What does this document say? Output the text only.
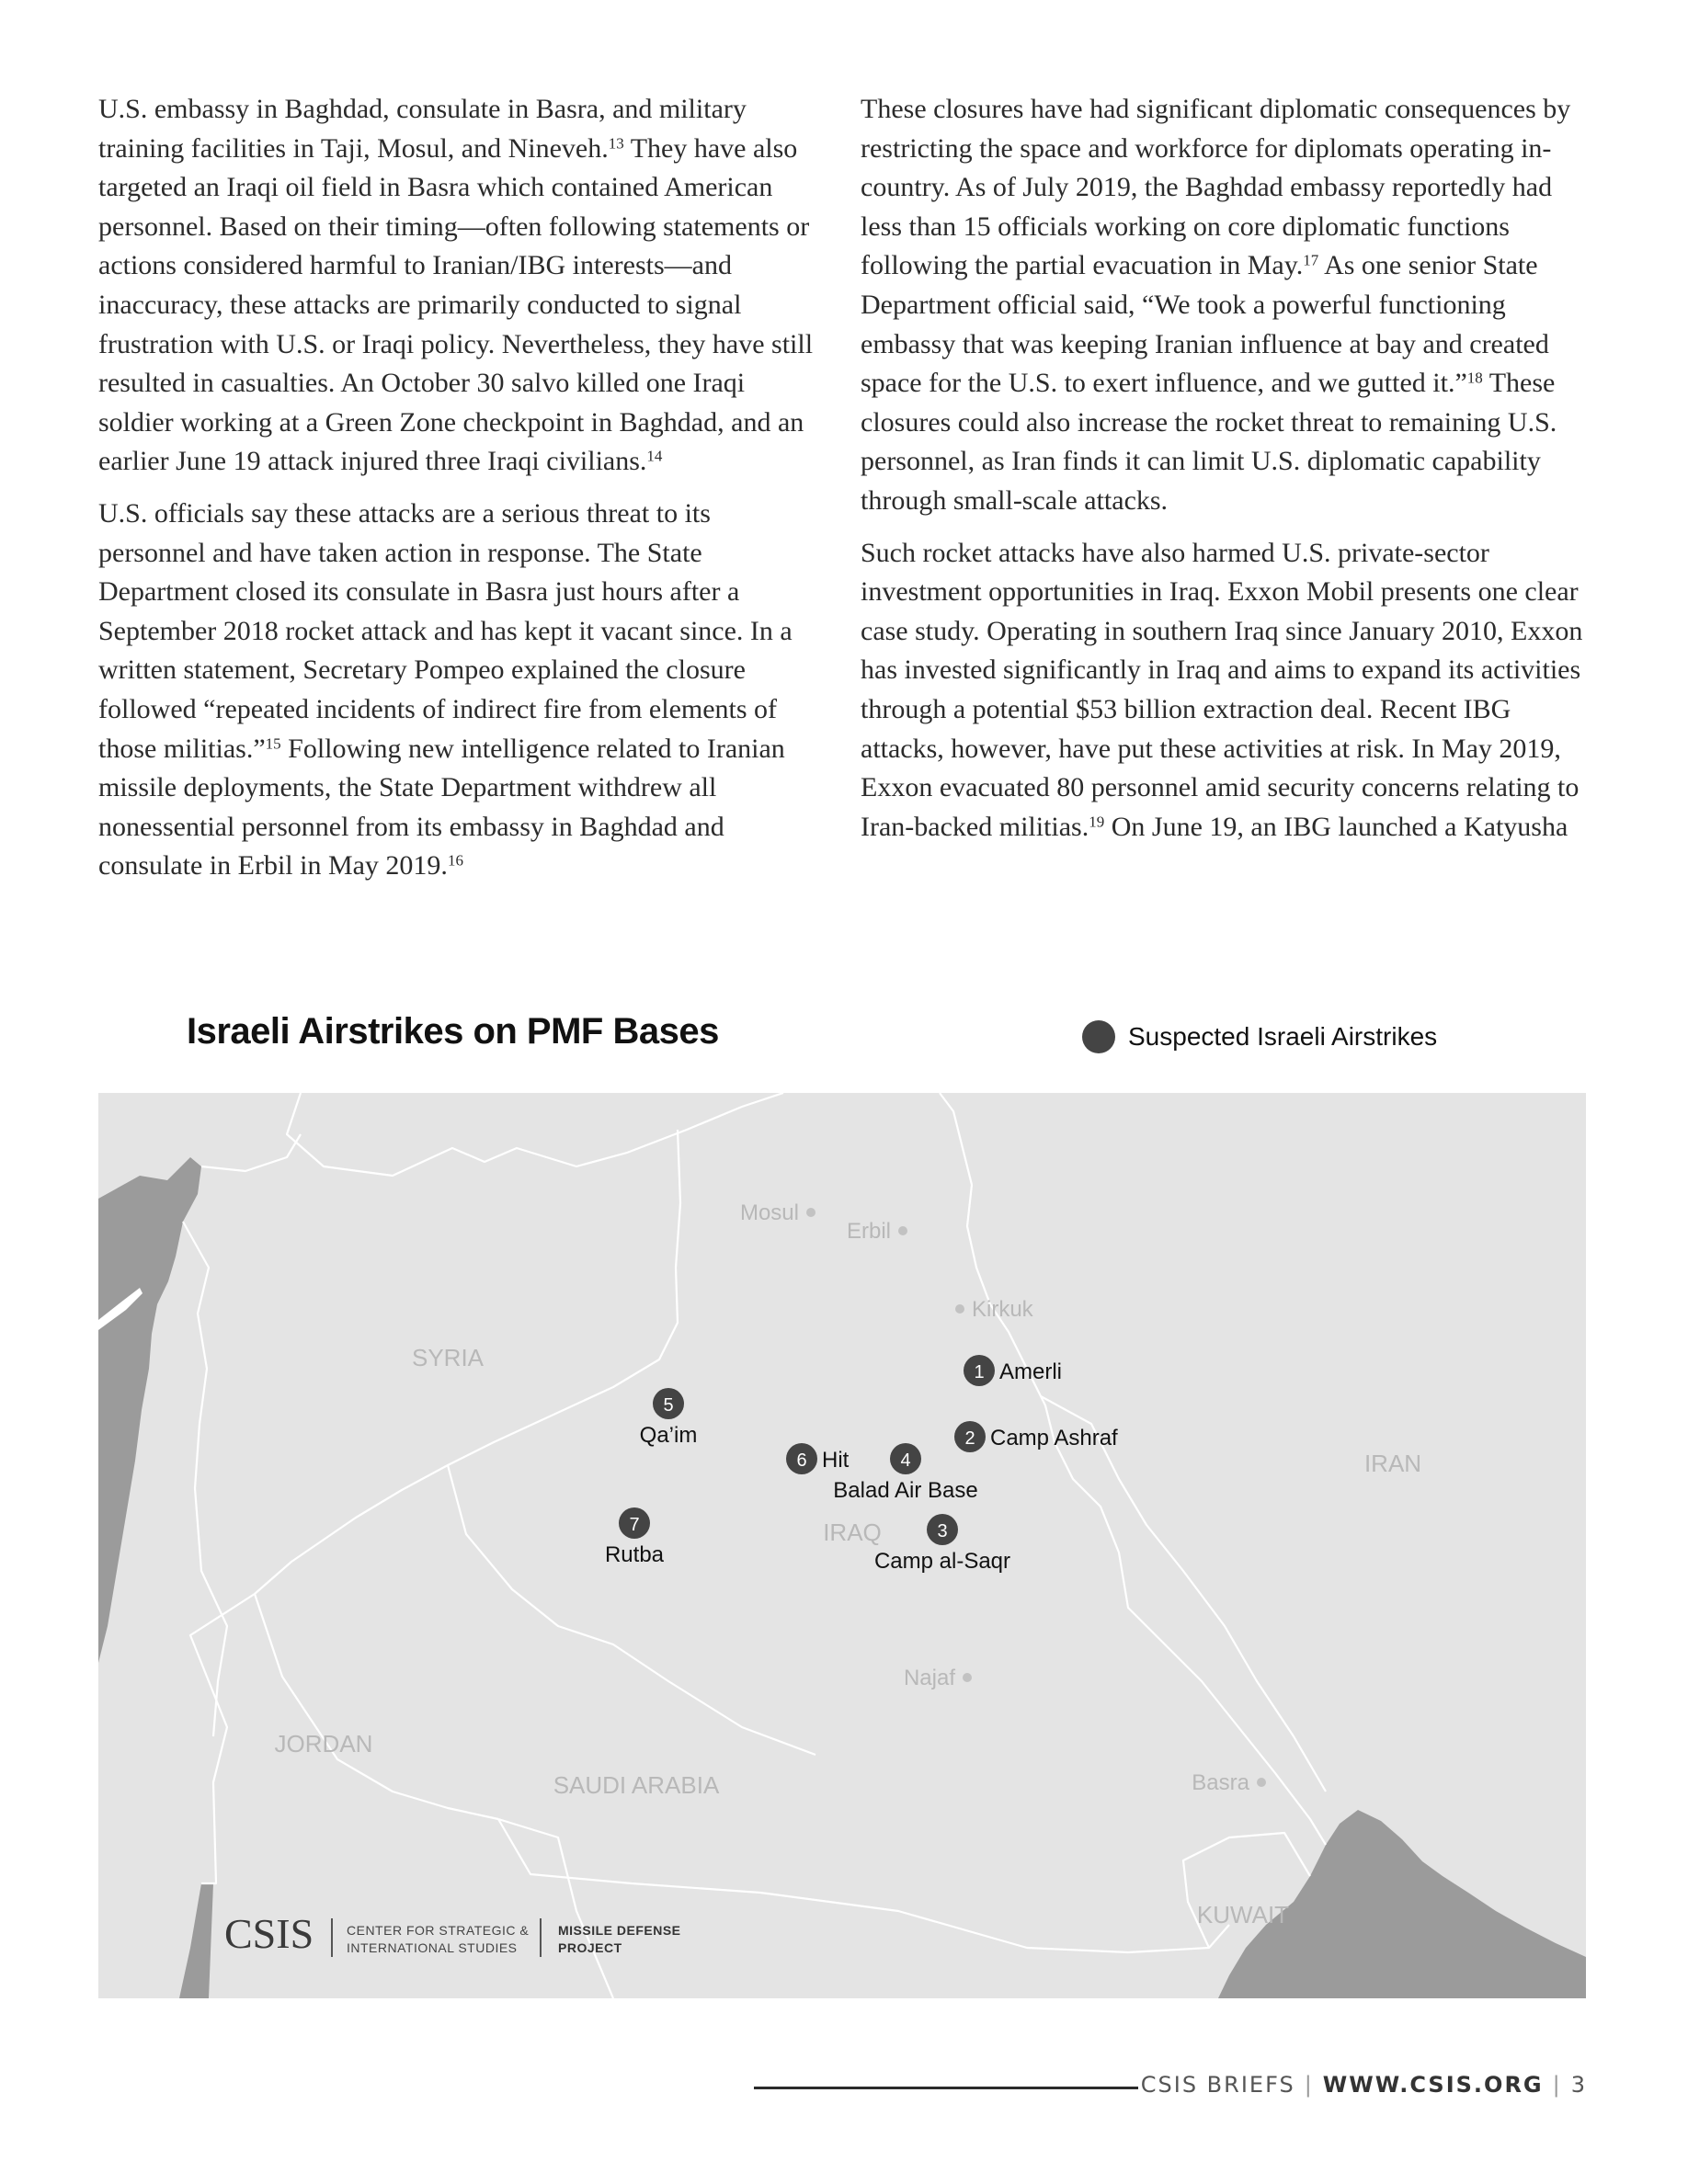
U.S. embassy in Baghdad, consulate in Basra, and military training facilities in Taji, Mosul, and Nineveh.$^{13}$ They have also targeted an Iraqi oil field in Basra which contained American personnel. Based on their timing—often following statements or actions considered harmful to Iranian/IBG interests—and inaccuracy, these attacks are primarily conducted to signal frustration with U.S. or Iraqi policy. Nevertheless, they have still resulted in casualties. An October 30 salvo killed one Iraqi soldier working at a Green Zone checkpoint in Baghdad, and an earlier June 19 attack injured three Iraqi civilians.$^{14}$

U.S. officials say these attacks are a serious threat to its personnel and have taken action in response. The State Department closed its consulate in Basra just hours after a September 2018 rocket attack and has kept it vacant since. In a written statement, Secretary Pompeo explained the closure followed “repeated incidents of indirect fire from elements of those militias.”$^{15}$ Following new intelligence related to Iranian missile deployments, the State Department withdrew all nonessential personnel from its embassy in Baghdad and consulate in Erbil in May 2019.16

These closures have had significant diplomatic consequences by restricting the space and workforce for diplomats operating in-country. As of July 2019, the Baghdad embassy reportedly had less than 15 officials working on core diplomatic functions following the partial evacuation in May.$^{17}$ As one senior State Department official said, “We took a powerful functioning embassy that was keeping Iranian influence at bay and created space for the U.S. to exert influence, and we gutted it.”$^{18}$ These closures could also increase the rocket threat to remaining U.S. personnel, as Iran finds it can limit U.S. diplomatic capability through small-scale attacks.

Such rocket attacks have also harmed U.S. private-sector investment opportunities in Iraq. Exxon Mobil presents one clear case study. Operating in southern Iraq since January 2010, Exxon has invested significantly in Iraq and aims to expand its activities through a potential $53 billion extraction deal. Recent IBG attacks, however, have put these activities at risk. In May 2019, Exxon evacuated 80 personnel amid security concerns relating to Iran-backed militias.$^{19}$ On June 19, an IBG launched a Katyusha

Israeli Airstrikes on PMF Bases	Suspected Israeli Airstrikes
SYRIA
IRAQ
IRAN
JORDAN
SAUDI ARABIA
KUWAIT
Mosul
Erbil
Kirkuk
Najaf
Basra
1 Amerli
2 Camp Ashraf
3
Camp al-Saqr
4
Balad Air Base
5
Qa’im
6 Hit
7
Rutba
CSIS	CENTER FOR STRATEGIC &
INTERNATIONAL STUDIES
MISSILE DEFENSE
PROJECT
CSIS BRIEFS | WWW.CSIS.ORG | 3
